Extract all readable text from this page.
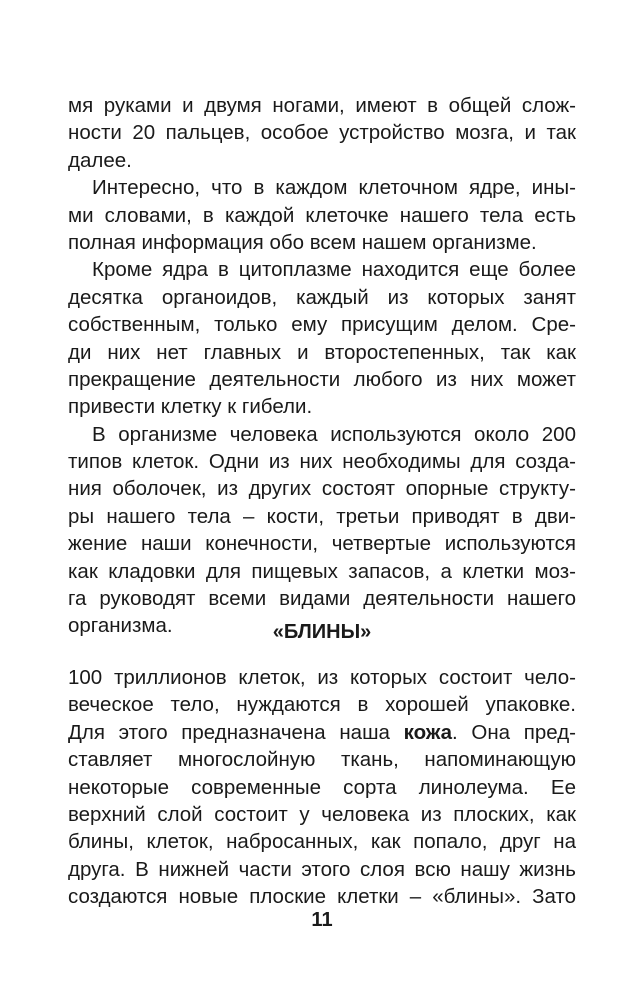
мя руками и двумя ногами, имеют в общей слож-
ности 20 пальцев, особое устройство мозга, и так
далее.
Интересно, что в каждом клеточном ядре, ины-
ми словами, в каждой клеточке нашего тела есть
полная информация обо всем нашем организме.
Кроме ядра в цитоплазме находится еще более
десятка органоидов, каждый из которых занят
собственным, только ему присущим делом. Сре-
ди них нет главных и второстепенных, так как
прекращение деятельности любого из них может
привести клетку к гибели.
В организме человека используются около 200
типов клеток. Одни из них необходимы для созда-
ния оболочек, из других состоят опорные структу-
ры нашего тела – кости, третьи приводят в дви-
жение наши конечности, четвертые используются
как кладовки для пищевых запасов, а клетки моз-
га руководят всеми видами деятельности нашего
организма.	«БЛИНЫ»
100 триллионов клеток, из которых состоит чело-
веческое тело, нуждаются в хорошей упаковке.
Для этого предназначена наша кожа. Она пред-
ставляет многослойную ткань, напоминающую
некоторые современные сорта линолеума. Ее
верхний слой состоит у человека из плоских, как
блины, клеток, набросанных, как попало, друг на
друга. В нижней части этого слоя всю нашу жизнь
создаются новые плоские клетки – «блины». Зато
11
